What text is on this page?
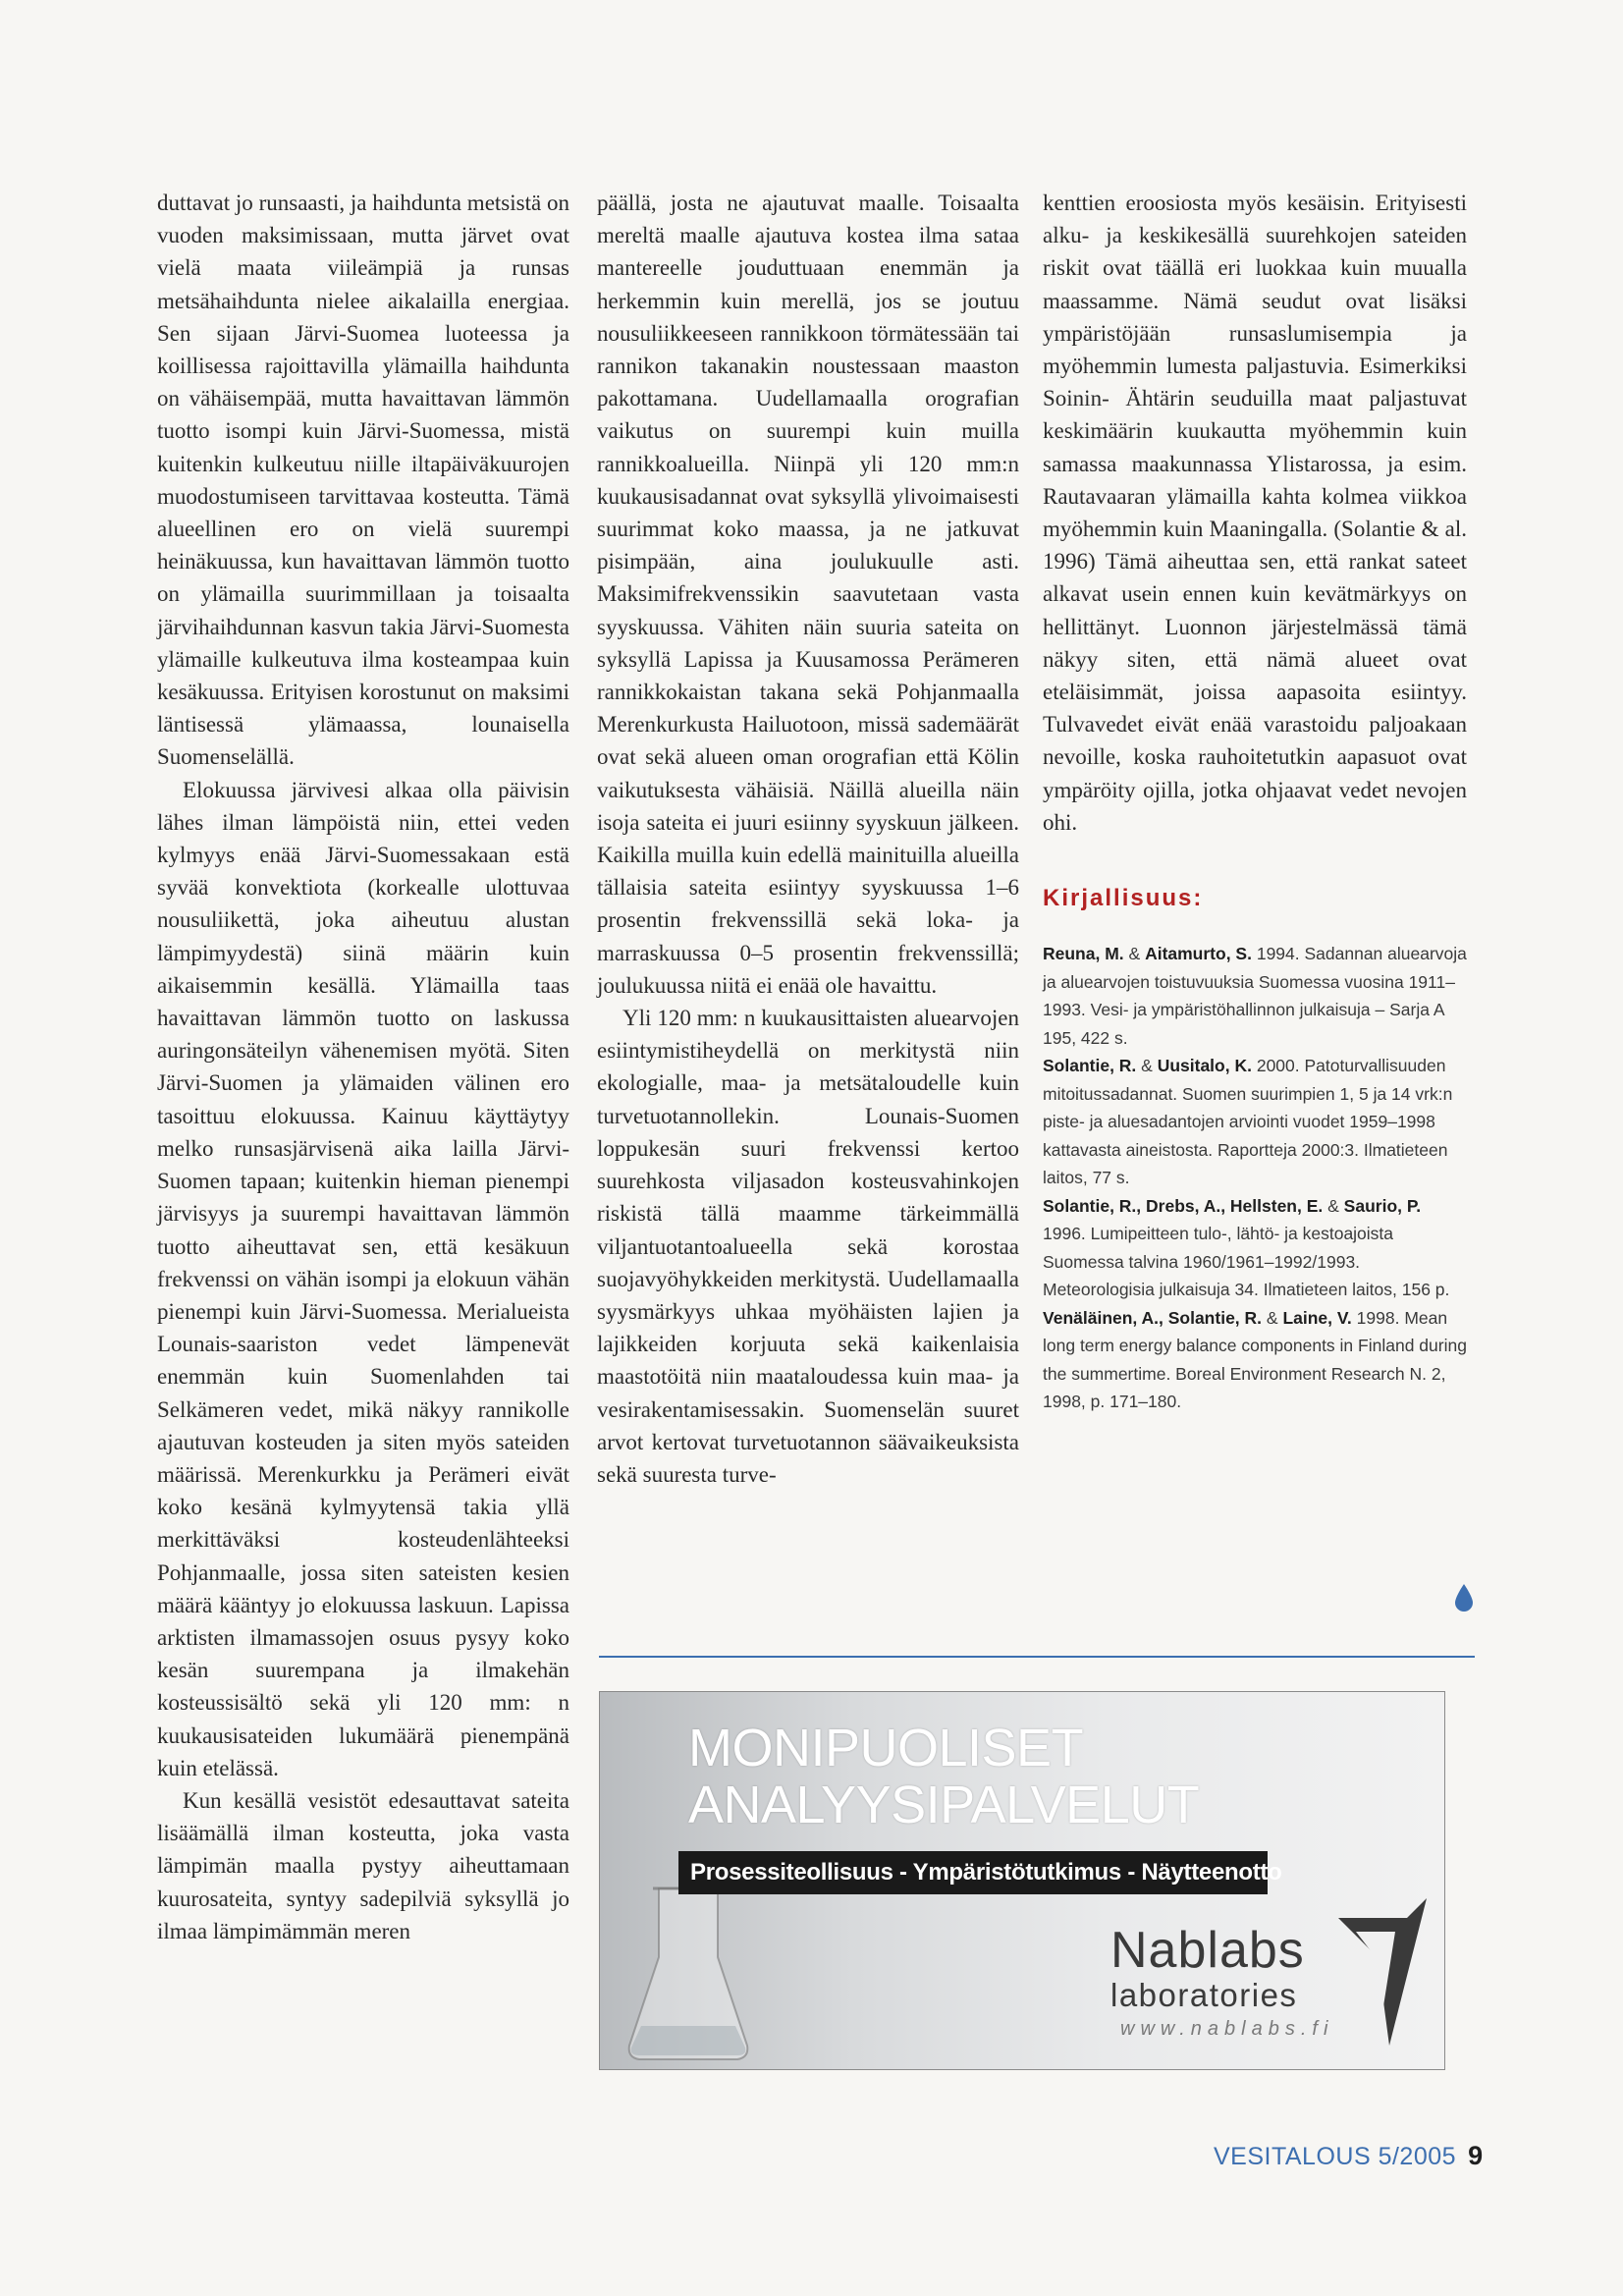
duttavat jo runsaasti, ja haihdunta metsistä on vuoden maksimissaan, mutta järvet ovat vielä maata viileämpiä ja runsas metsähaihdunta nielee aikalailla energiaa. Sen sijaan Järvi-Suomea luoteessa ja koillisessa rajoittavilla ylämailla haihdunta on vähäisempää, mutta havaittavan lämmön tuotto isompi kuin Järvi-Suomessa, mistä kuitenkin kulkeutuu niille iltapäiväkuurojen muodostumiseen tarvittavaa kosteutta. Tämä alueellinen ero on vielä suurempi heinäkuussa, kun havaittavan lämmön tuotto on ylämailla suurimmillaan ja toisaalta järvihaihdunnan kasvun takia Järvi-Suomesta ylämaille kulkeutuva ilma kosteampaa kuin kesäkuussa. Erityisen korostunut on maksimi läntisessä ylämaassa, lounaisella Suomenselällä.

Elokuussa järvivesi alkaa olla päivisin lähes ilman lämpöistä niin, ettei veden kylmyys enää Järvi-Suomessakaan estä syvää konvektiota (korkealle ulottuvaa nousuliikettä, joka aiheutuu alustan lämpimyydestä) siinä määrin kuin aikaisemmin kesällä. Ylämailla taas havaittavan lämmön tuotto on laskussa auringonsäteilyn vähenemisen myötä. Siten Järvi-Suomen ja ylämaiden välinen ero tasoittuu elokuussa. Kainuu käyttäytyy melko runsasjärvisenä aika lailla Järvi-Suomen tapaan; kuitenkin hieman pienempi järvisyys ja suurempi havaittavan lämmön tuotto aiheuttavat sen, että kesäkuun frekvenssi on vähän isompi ja elokuun vähän pienempi kuin Järvi-Suomessa. Merialueista Lounais-saariston vedet lämpenevät enemmän kuin Suomenlahden tai Selkämeren vedet, mikä näkyy rannikolle ajautuvan kosteuden ja siten myös sateiden määrissä. Merenkurkku ja Perämeri eivät koko kesänä kylmyytensä takia yllä merkittäväksi kosteudenlähteeksi Pohjanmaalle, jossa siten sateisten kesien määrä kääntyy jo elokuussa laskuun. Lapissa arktisten ilmamassojen osuus pysyy koko kesän suurempana ja ilmakehän kosteussisältö sekä yli 120 mm: n kuukausisateiden lukumäärä pienempänä kuin etelässä.

Kun kesällä vesistöt edesauttavat sateita lisäämällä ilman kosteutta, joka vasta lämpimän maalla pystyy aiheuttamaan kuurosateita, syntyy sadepilviä syksyllä jo ilmaa lämpimämmän meren

päällä, josta ne ajautuvat maalle. Toisaalta mereltä maalle ajautuva kostea ilma sataa mantereelle jouduttuaan enemmän ja herkemmin kuin merellä, jos se joutuu nousuliikkeeseen rannikkoon törmätessään tai rannikon takanakin noustessaan maaston pakottamana. Uudellamaalla orografian vaikutus on suurempi kuin muilla rannikkoalueilla. Niinpä yli 120 mm:n kuukausisadannat ovat syksyllä ylivoimaisesti suurimmat koko maassa, ja ne jatkuvat pisimpään, aina joulukuulle asti. Maksimifrekvenssikin saavutetaan vasta syyskuussa. Vähiten näin suuria sateita on syksyllä Lapissa ja Kuusamossa Perämeren rannikkokaistan takana sekä Pohjanmaalla Merenkurkusta Hailuotoon, missä sademäärät ovat sekä alueen oman orografian että Kölin vaikutuksesta vähäisiä. Näillä alueilla näin isoja sateita ei juuri esiinny syyskuun jälkeen. Kaikilla muilla kuin edellä mainituilla alueilla tällaisia sateita esiintyy syyskuussa 1–6 prosentin frekvenssillä sekä loka- ja marraskuussa 0–5 prosentin frekvenssillä; joulukuussa niitä ei enää ole havaittu.

Yli 120 mm: n kuukausittaisten aluearvojen esiintymistiheydellä on merkitystä niin ekologialle, maa- ja metsätaloudelle kuin turvetuotannollekin. Lounais-Suomen loppukesän suuri frekvenssi kertoo suurehkosta viljasadon kosteusvahinkojen riskistä tällä maamme tärkeimmällä viljantuotantoalueella sekä korostaa suojavyöhykkeiden merkitystä. Uudellamaalla syysmärkyys uhkaa myöhäisten lajien ja lajikkeiden korjuuta sekä kaikenlaisia maastotöitä niin maataloudessa kuin maa- ja vesirakentamisessakin. Suomenselän suuret arvot kertovat turvetuotannon säävaikeuksista sekä suuresta turve-

kenttien eroosiosta myös kesäisin. Erityisesti alku- ja keskikesällä suurehkojen sateiden riskit ovat täällä eri luokkaa kuin muualla maassamme. Nämä seudut ovat lisäksi ympäristöjään runsaslumisempia ja myöhemmin lumesta paljastuvia. Esimerkiksi Soinin- Ähtärin seuduilla maat paljastuvat keskimäärin kuukautta myöhemmin kuin samassa maakunnassa Ylistarossa, ja esim. Rautavaaran ylämailla kahta kolmea viikkoa myöhemmin kuin Maaningalla. (Solantie & al. 1996) Tämä aiheuttaa sen, että rankat sateet alkavat usein ennen kuin kevätmärkyys on hellittänyt. Luonnon järjestelmässä tämä näkyy siten, että nämä alueet ovat eteläisimmät, joissa aapasoita esiintyy. Tulvavedet eivät enää varastoidu paljoakaan nevoille, koska rauhoitetutkin aapasuot ovat ympäröity ojilla, jotka ohjaavat vedet nevojen ohi.

Kirjallisuus:
Reuna, M. & Aitamurto, S. 1994. Sadannan aluearvoja ja aluearvojen toistuvuuksia Suomessa vuosina 1911–1993. Vesi- ja ympäristöhallinnon julkaisuja – Sarja A 195, 422 s.
Solantie, R. & Uusitalo, K. 2000. Patoturvallisuuden mitoitussadannat. Suomen suurimpien 1, 5 ja 14 vrk:n piste- ja aluesadantojen arviointi vuodet 1959–1998 kattavasta aineistosta. Raportteja 2000:3. Ilmatieteen laitos, 77 s.
Solantie, R., Drebs, A., Hellsten, E. & Saurio, P. 1996. Lumipeitteen tulo-, lähtö- ja kestoajoista Suomessa talvina 1960/1961–1992/1993. Meteorologisia julkaisuja 34. Ilmatieteen laitos, 156 p.
Venäläinen, A., Solantie, R. & Laine, V. 1998. Mean long term energy balance components in Finland during the summertime. Boreal Environment Research N. 2, 1998, p. 171–180.
MONIPUOLISET
ANALYYSIPALVELUT
Prosessiteollisuus - Ympäristötutkimus - Näytteenotto
Nablabs
laboratories
www.nablabs.fi
VESITALOUS 5/2005 9
